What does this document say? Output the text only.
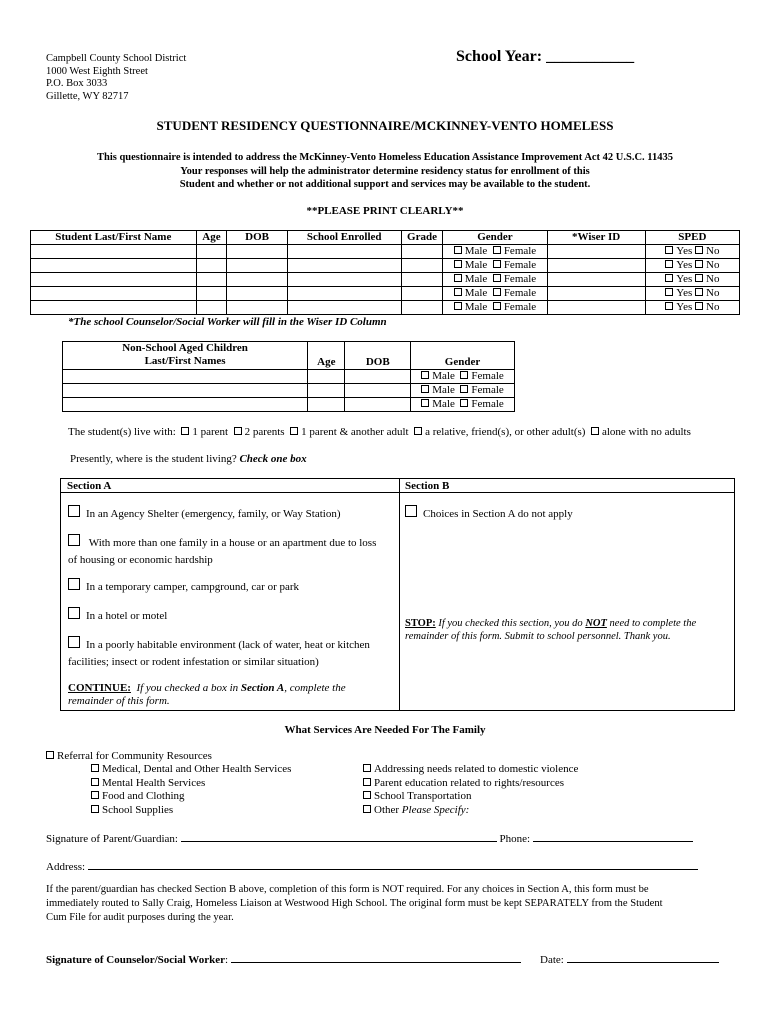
Campbell County School District
1000 West Eighth Street
P.O. Box 3033
Gillette, WY 82717
School Year: ___________
STUDENT RESIDENCY QUESTIONNAIRE/MCKINNEY-VENTO HOMELESS
This questionnaire is intended to address the McKinney-Vento Homeless Education Assistance Improvement Act 42 U.S.C. 11435
Your responses will help the administrator determine residency status for enrollment of this
Student and whether or not additional support and services may be available to the student.
**PLEASE PRINT CLEARLY**
Student Last/First Name	Age	DOB	School Enrolled	Grade	Gender	*Wiser ID	SPED
					Male Female		Yes No
					Male Female		Yes No
					Male Female		Yes No
					Male Female		Yes No
					Male Female		Yes No
*The school Counselor/Social Worker will fill in the Wiser ID Column
Non-School Aged Children
Last/First Names	Age	DOB	Gender
			Male Female
			Male Female
			Male Female
The student(s) live with: 1 parent 2 parents 1 parent & another adult a relative, friend(s), or other adult(s) alone with no adults
Presently, where is the student living? Check one box
Section A	Section B
In an Agency Shelter (emergency, family, or Way Station)
With more than one family in a house or an apartment due to loss
of housing or economic hardship
In a temporary camper, campground, car or park
In a hotel or motel
In a poorly habitable environment (lack of water, heat or kitchen
facilities; insect or rodent infestation or similar situation)
CONTINUE: If you checked a box in Section A, complete the
remainder of this form.
Choices in Section A do not apply
STOP: If you checked this section, you do NOT need to complete the
remainder of this form. Submit to school personnel. Thank you.
What Services Are Needed For The Family
Referral for Community Resources
Medical, Dental and Other Health Services
Mental Health Services
Food and Clothing
School Supplies
Addressing needs related to domestic violence
Parent education related to rights/resources
School Transportation
Other Please Specify:
Signature of Parent/Guardian:	Phone:
Address:
If the parent/guardian has checked Section B above, completion of this form is NOT required. For any choices in Section A, this form must be
immediately routed to Sally Craig, Homeless Liaison at Westwood High School. The original form must be kept SEPARATELY from the Student
Cum File for audit purposes during the year.
Signature of Counselor/Social Worker:	Date:
